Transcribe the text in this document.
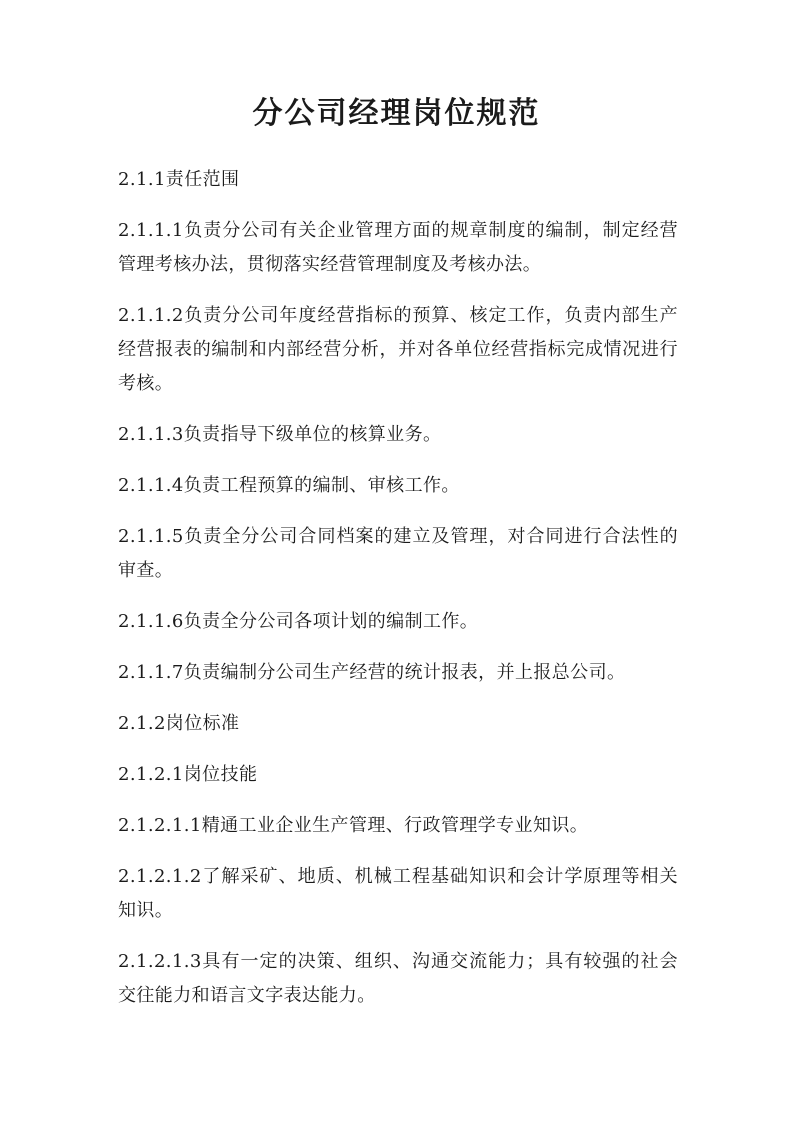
分公司经理岗位规范

2.1.1责任范围

2.1.1.1负责分公司有关企业管理方面的规章制度的编制，制定经营管理考核办法，贯彻落实经营管理制度及考核办法。

2.1.1.2负责分公司年度经营指标的预算、核定工作，负责内部生产经营报表的编制和内部经营分析，并对各单位经营指标完成情况进行考核。

2.1.1.3负责指导下级单位的核算业务。

2.1.1.4负责工程预算的编制、审核工作。

2.1.1.5负责全分公司合同档案的建立及管理，对合同进行合法性的审查。

2.1.1.6负责全分公司各项计划的编制工作。

2.1.1.7负责编制分公司生产经营的统计报表，并上报总公司。

2.1.2岗位标准

2.1.2.1岗位技能

2.1.2.1.1精通工业企业生产管理、行政管理学专业知识。

2.1.2.1.2了解采矿、地质、机械工程基础知识和会计学原理等相关知识。

2.1.2.1.3具有一定的决策、组织、沟通交流能力；具有较强的社会交往能力和语言文字表达能力。
